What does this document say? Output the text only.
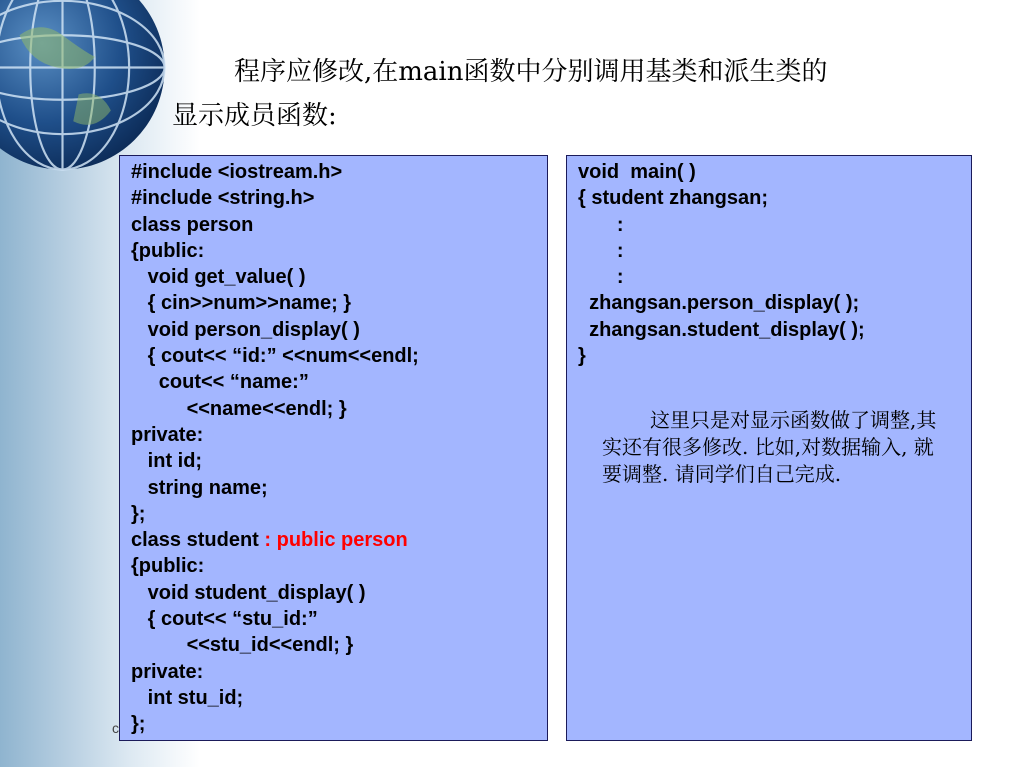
程序应修改,在main函数中分别调用基类和派生类的
显示成员函数:
#include <iostream.h>
#include <string.h>
class person
{public:
void get_value( )
{ cin>>num>>name; }
void person_display( )
{ cout<< “id:” <<num<<endl;
cout<< “name:”
<<name<<endl; }
private:
int id;
string name;
};
class student : public person
{public:
void student_display( )
{ cout<< “stu_id:”
<<stu_id<<endl; }
private:
int stu_id;
};
void  main( )
{ student zhangsan;
:
:
:
zhangsan.person_display( );
zhangsan.student_display( );
}
这里只是对显示函数做了调整,其实还有很多修改. 比如,对数据输入, 就要调整. 请同学们自己完成.
c
